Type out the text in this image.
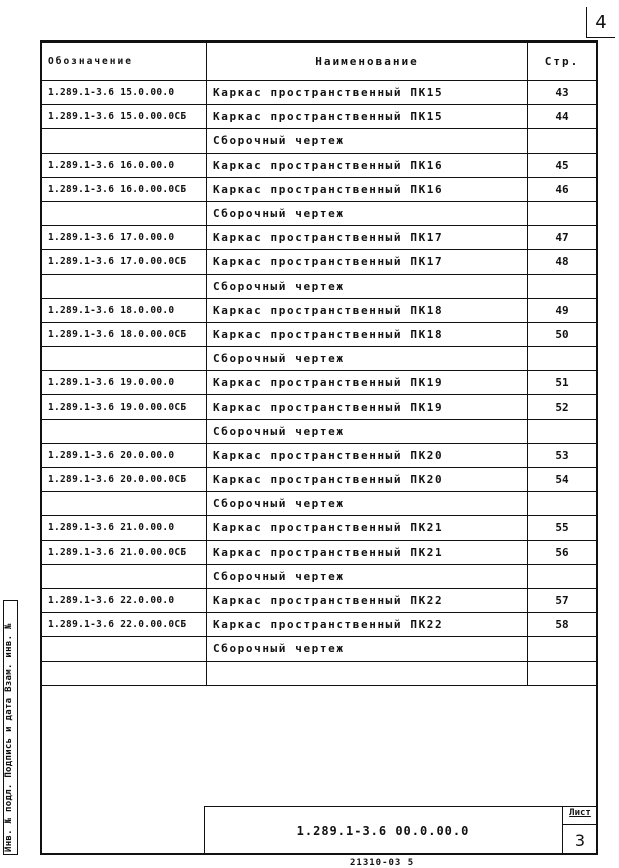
4
Обозначение	Наименование	Стр.
1.289.1-3.6 15.0.00.0	Каркас пространственный ПК15	43
1.289.1-3.6 15.0.00.0СБ	Каркас пространственный ПК15	44
	Сборочный чертеж	
1.289.1-3.6 16.0.00.0	Каркас пространственный ПК16	45
1.289.1-3.6 16.0.00.0СБ	Каркас пространственный ПК16	46
	Сборочный чертеж	
1.289.1-3.6 17.0.00.0	Каркас пространственный ПК17	47
1.289.1-3.6 17.0.00.0СБ	Каркас пространственный ПК17	48
	Сборочный чертеж	
1.289.1-3.6 18.0.00.0	Каркас пространственный ПК18	49
1.289.1-3.6 18.0.00.0СБ	Каркас пространственный ПК18	50
	Сборочный чертеж	
1.289.1-3.6 19.0.00.0	Каркас пространственный ПК19	51
1.289.1-3.6 19.0.00.0СБ	Каркас пространственный ПК19	52
	Сборочный чертеж	
1.289.1-3.6 20.0.00.0	Каркас пространственный ПК20	53
1.289.1-3.6 20.0.00.0СБ	Каркас пространственный ПК20	54
	Сборочный чертеж	
1.289.1-3.6 21.0.00.0	Каркас пространственный ПК21	55
1.289.1-3.6 21.0.00.0СБ	Каркас пространственный ПК21	56
	Сборочный чертеж	
1.289.1-3.6 22.0.00.0	Каркас пространственный ПК22	57
1.289.1-3.6 22.0.00.0СБ	Каркас пространственный ПК22	58
	Сборочный чертеж	

Инв. № подл. Подпись и дата Взам. инв. №	1.289.1-3.6 00.0.00.0
Лист
3
21310-03 5
